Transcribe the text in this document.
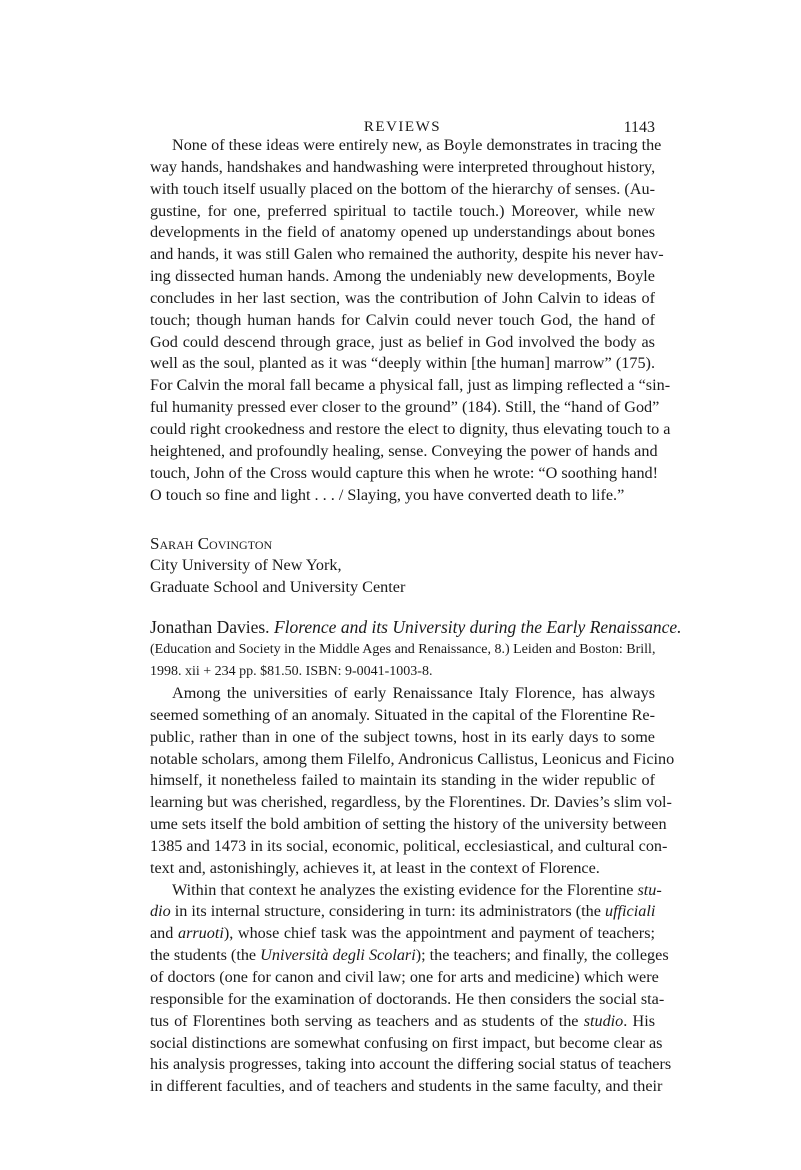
REVIEWS	1143
None of these ideas were entirely new, as Boyle demonstrates in tracing the
way hands, handshakes and handwashing were interpreted throughout history,
with touch itself usually placed on the bottom of the hierarchy of senses. (Au-
gustine, for one, preferred spiritual to tactile touch.) Moreover, while new
developments in the field of anatomy opened up understandings about bones
and hands, it was still Galen who remained the authority, despite his never hav-
ing dissected human hands. Among the undeniably new developments, Boyle
concludes in her last section, was the contribution of John Calvin to ideas of
touch; though human hands for Calvin could never touch God, the hand of
God could descend through grace, just as belief in God involved the body as
well as the soul, planted as it was “deeply within [the human] marrow” (175).
For Calvin the moral fall became a physical fall, just as limping reflected a “sin-
ful humanity pressed ever closer to the ground” (184). Still, the “hand of God”
could right crookedness and restore the elect to dignity, thus elevating touch to a
heightened, and profoundly healing, sense. Conveying the power of hands and
touch, John of the Cross would capture this when he wrote: “O soothing hand!
O touch so fine and light . . . / Slaying, you have converted death to life.”
Sarah Covington
City University of New York,
Graduate School and University Center
Jonathan Davies. Florence and its University during the Early Renaissance.
(Education and Society in the Middle Ages and Renaissance, 8.) Leiden and Boston: Brill,
1998. xii + 234 pp. $81.50. ISBN: 9-0041-1003-8.
Among the universities of early Renaissance Italy Florence, has always
seemed something of an anomaly. Situated in the capital of the Florentine Re-
public, rather than in one of the subject towns, host in its early days to some
notable scholars, among them Filelfo, Andronicus Callistus, Leonicus and Ficino
himself, it nonetheless failed to maintain its standing in the wider republic of
learning but was cherished, regardless, by the Florentines. Dr. Davies’s slim vol-
ume sets itself the bold ambition of setting the history of the university between
1385 and 1473 in its social, economic, political, ecclesiastical, and cultural con-
text and, astonishingly, achieves it, at least in the context of Florence.
Within that context he analyzes the existing evidence for the Florentine stu-
dio in its internal structure, considering in turn: its administrators (the ufficiali
and arruoti), whose chief task was the appointment and payment of teachers;
the students (the Università degli Scolari); the teachers; and finally, the colleges
of doctors (one for canon and civil law; one for arts and medicine) which were
responsible for the examination of doctorands. He then considers the social sta-
tus of Florentines both serving as teachers and as students of the studio. His
social distinctions are somewhat confusing on first impact, but become clear as
his analysis progresses, taking into account the differing social status of teachers
in different faculties, and of teachers and students in the same faculty, and their
